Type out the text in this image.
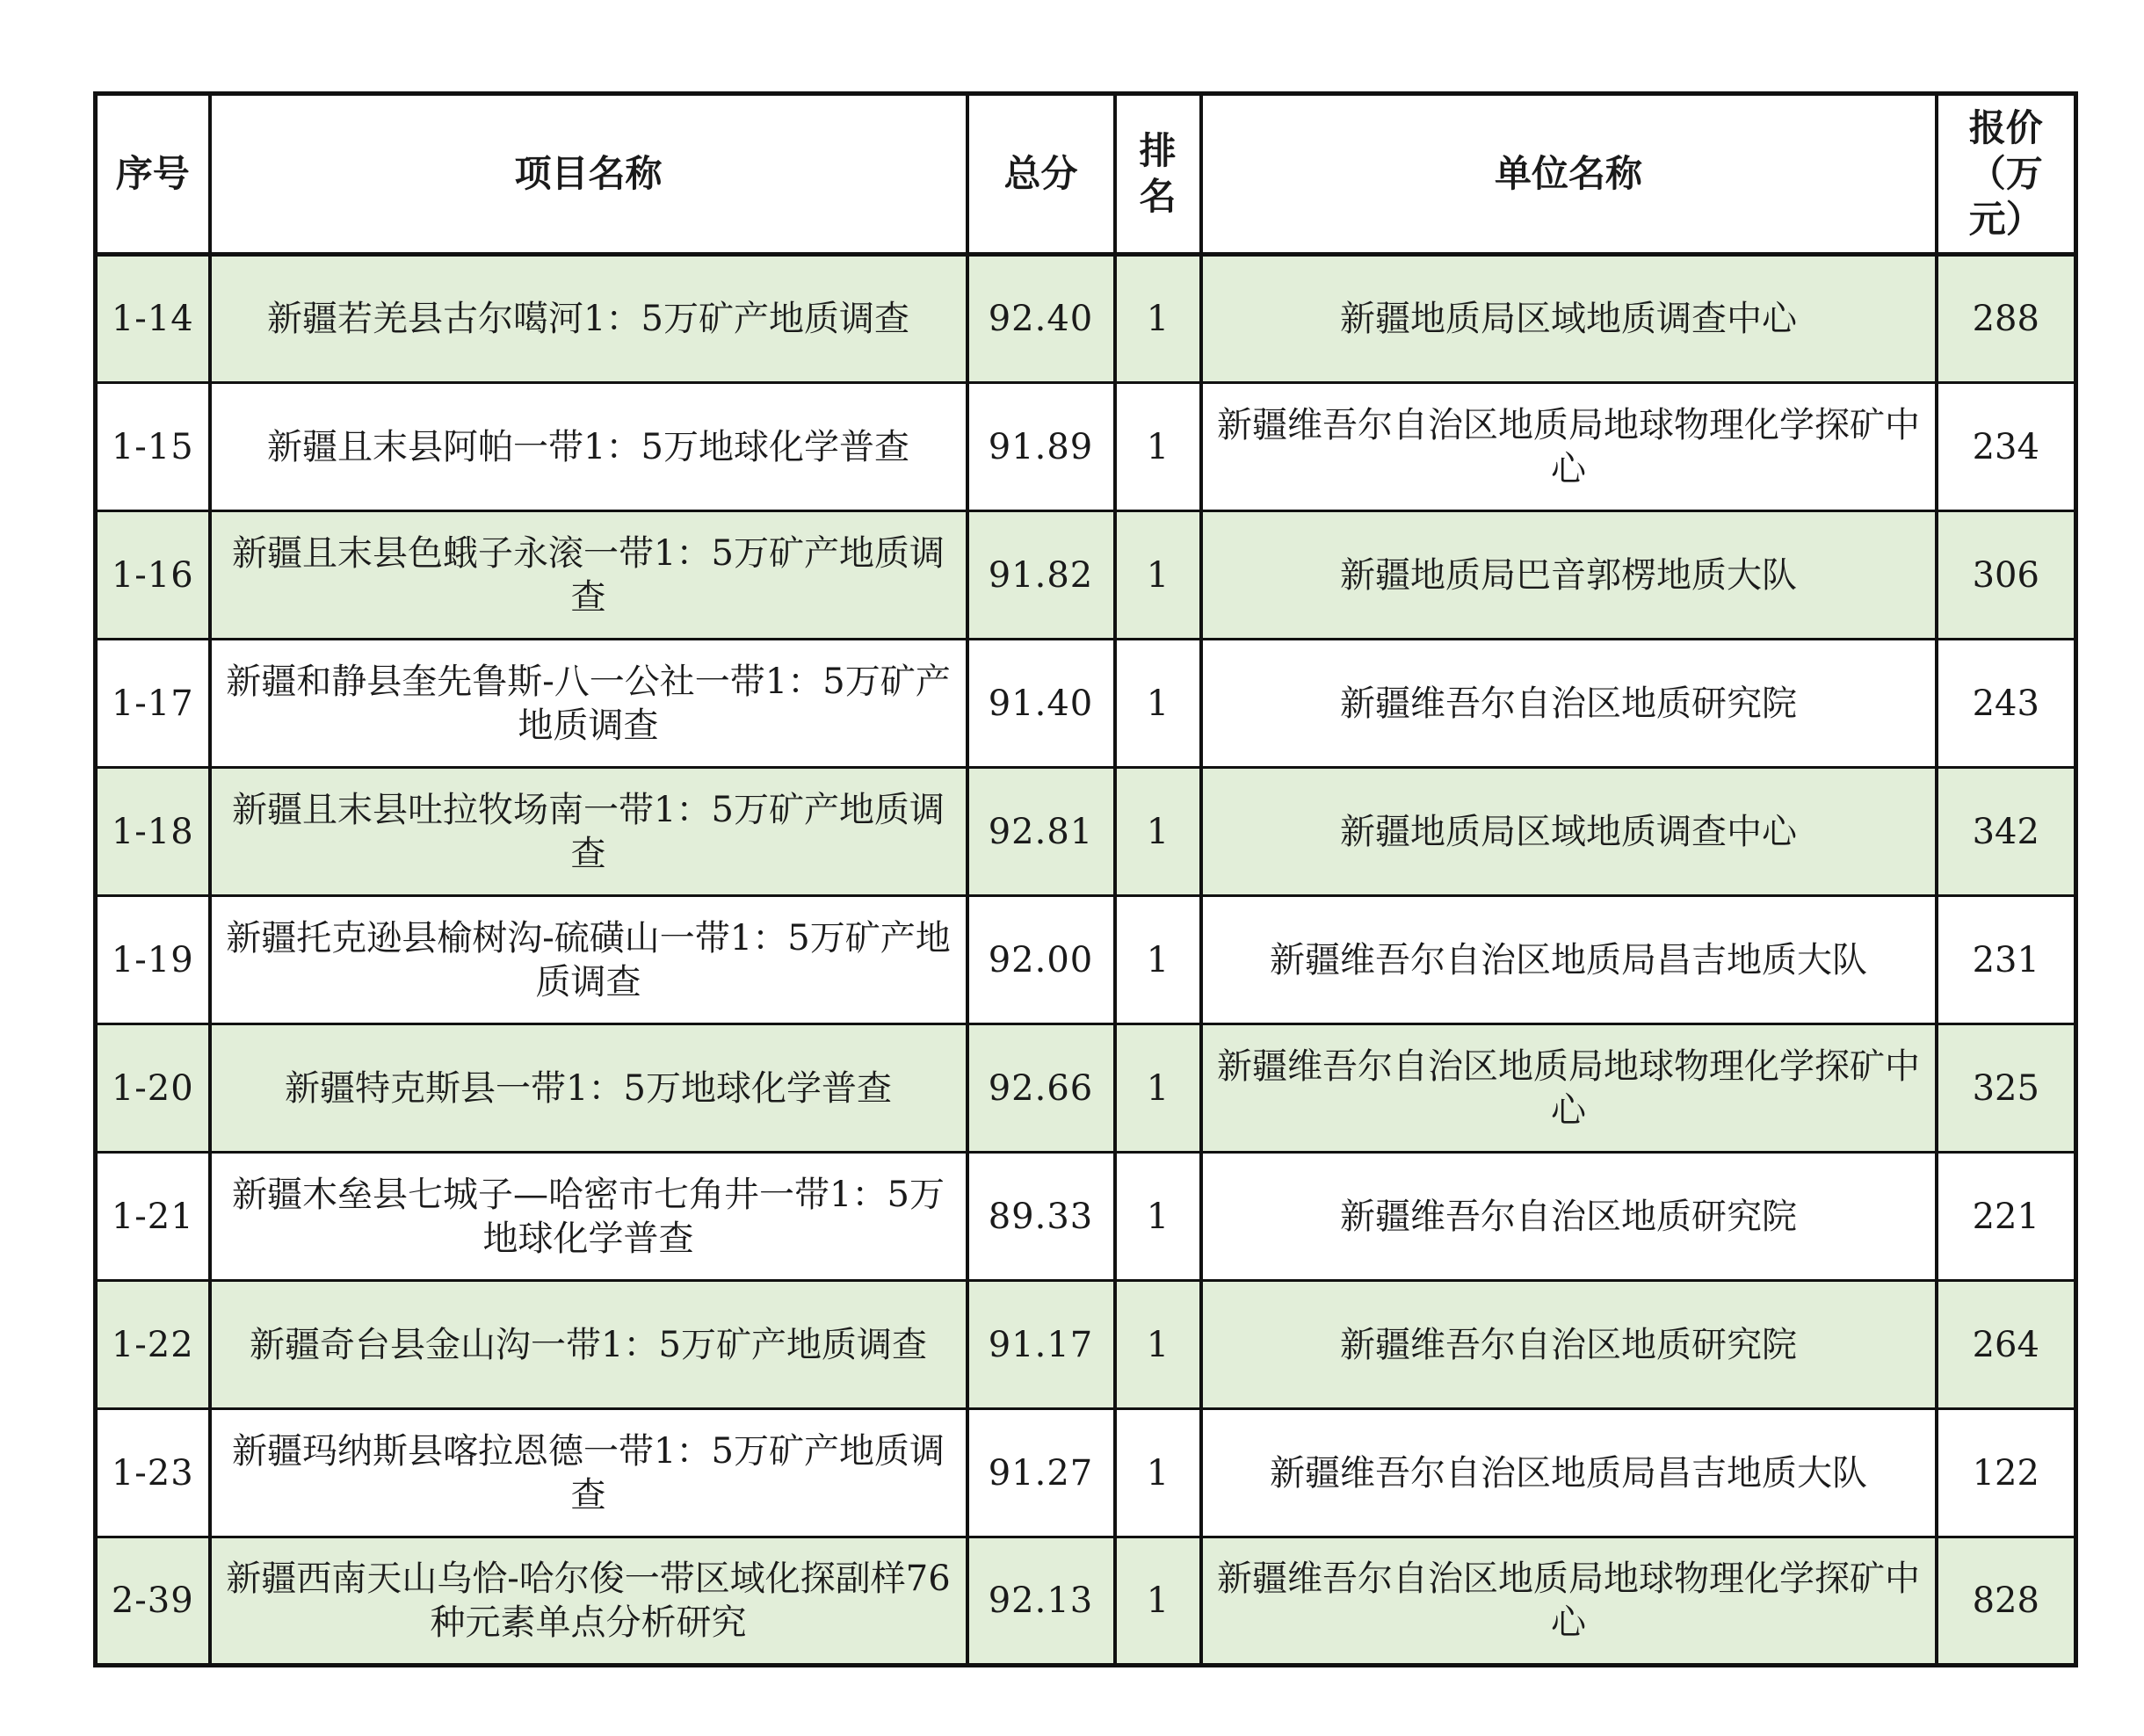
序号	项目名称	总分	排名	单位名称	报价（万元）
1-14	新疆若羌县古尔噶河1：5万矿产地质调查	92.40	1	新疆地质局区域地质调查中心	288
1-15	新疆且末县阿帕一带1：5万地球化学普查	91.89	1	新疆维吾尔自治区地质局地球物理化学探矿中心	234
1-16	新疆且末县色蛾子永滚一带1：5万矿产地质调查	91.82	1	新疆地质局巴音郭楞地质大队	306
1-17	新疆和静县奎先鲁斯-八一公社一带1：5万矿产地质调查	91.40	1	新疆维吾尔自治区地质研究院	243
1-18	新疆且末县吐拉牧场南一带1：5万矿产地质调查	92.81	1	新疆地质局区域地质调查中心	342
1-19	新疆托克逊县榆树沟-硫磺山一带1：5万矿产地质调查	92.00	1	新疆维吾尔自治区地质局昌吉地质大队	231
1-20	新疆特克斯县一带1：5万地球化学普查	92.66	1	新疆维吾尔自治区地质局地球物理化学探矿中心	325
1-21	新疆木垒县七城子—哈密市七角井一带1：5万地球化学普查	89.33	1	新疆维吾尔自治区地质研究院	221
1-22	新疆奇台县金山沟一带1：5万矿产地质调查	91.17	1	新疆维吾尔自治区地质研究院	264
1-23	新疆玛纳斯县喀拉恩德一带1：5万矿产地质调查	91.27	1	新疆维吾尔自治区地质局昌吉地质大队	122
2-39	新疆西南天山乌恰-哈尔俊一带区域化探副样76种元素单点分析研究	92.13	1	新疆维吾尔自治区地质局地球物理化学探矿中心	828
